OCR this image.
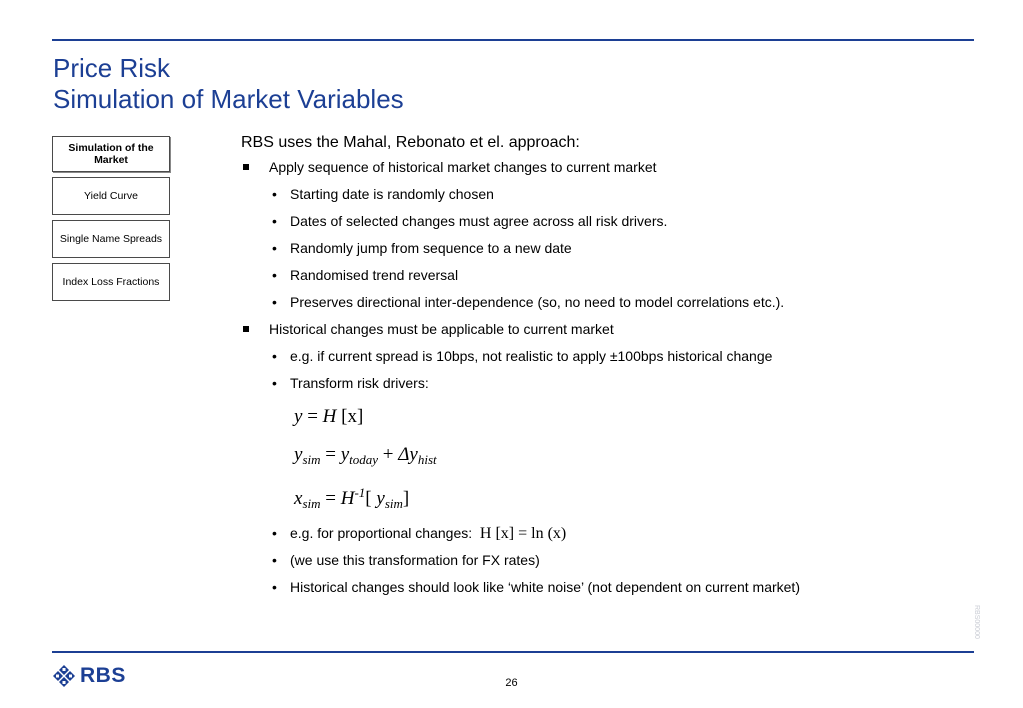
Price Risk
Simulation of Market Variables
Simulation of the Market
Yield Curve
Single Name Spreads
Index Loss Fractions
RBS uses the Mahal, Rebonato et el. approach:
Apply sequence of historical market changes to current market
• Starting date is randomly chosen
• Dates of selected changes must agree across all risk drivers.
• Randomly jump from sequence to a new date
• Randomised trend reversal
• Preserves directional inter-dependence (so, no need to model correlations etc.).
Historical changes must be applicable to current market
• e.g. if current spread is 10bps, not realistic to apply ±100bps historical change
• Transform risk drivers:
y = H [x]
$y_{sim} = y_{today} + \Delta y_{hist}$
$x_{sim} = H^{-1}$[ $y_{sim}$]
• e.g. for proportional changes: H [x] = ln (x)
• (we use this transformation for FX rates)
• Historical changes should look like ‘white noise’ (not dependent on current market)
RBS00000
RBS	26
